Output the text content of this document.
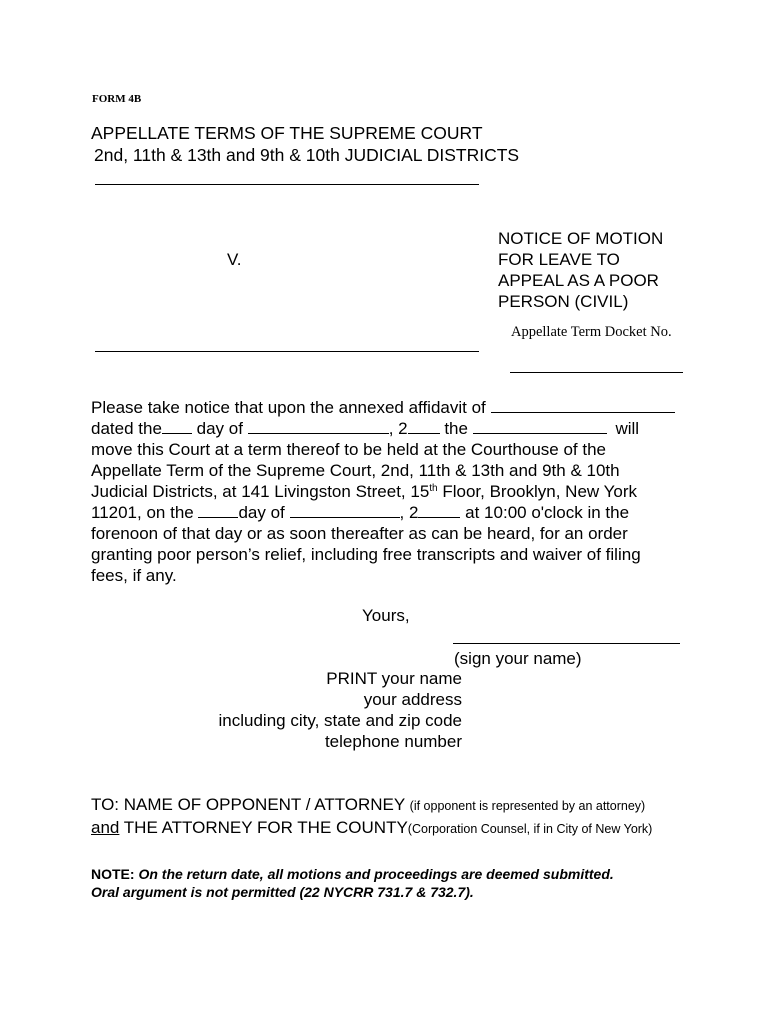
FORM 4B
APPELLATE TERMS OF THE SUPREME COURT
2nd, 11th & 13th and 9th & 10th JUDICIAL DISTRICTS
V.
NOTICE OF MOTION
FOR LEAVE TO
APPEAL AS A POOR
PERSON (CIVIL)
Appellate Term Docket No.
Please take notice that upon the annexed affidavit of
dated the day of	, 2 the	will
move this Court at a term thereof to be held at the Courthouse of the
Appellate Term of the Supreme Court, 2nd, 11th & 13th and 9th & 10th
Judicial Districts, at 141 Livingston Street, 15th Floor, Brooklyn, New York
11201, on the	day of	, 2	at 10:00 o'clock in the
forenoon of that day or as soon thereafter as can be heard, for an order
granting poor person’s relief, including free transcripts and waiver of filing
fees, if any.
Yours,
(sign your name)
PRINT your name
your address
including city, state and zip code
telephone number
TO: NAME OF OPPONENT / ATTORNEY (if opponent is represented by an attorney)
and THE ATTORNEY FOR THE COUNTY(Corporation Counsel, if in City of New York)
NOTE: On the return date, all motions and proceedings are deemed submitted.
Oral argument is not permitted (22 NYCRR 731.7 & 732.7).
